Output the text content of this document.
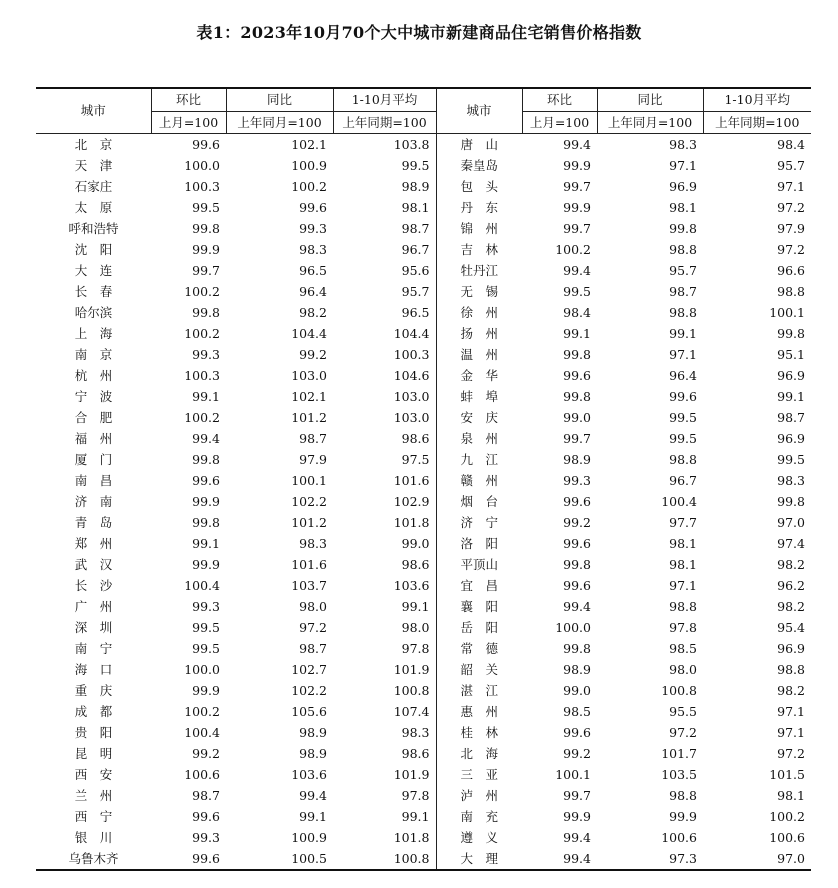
表1：2023年10月70个大中城市新建商品住宅销售价格指数
城市	环比	同比	1-10月平均	城市	环比	同比	1-10月平均
	上月=100	上年同月=100	上年同期=100		上月=100	上年同月=100	上年同期=100
北　京	99.6	102.1	103.8	唐　山	99.4	98.3	98.4
天　津	100.0	100.9	99.5	秦皇岛	99.9	97.1	95.7
石家庄	100.3	100.2	98.9	包　头	99.7	96.9	97.1
太　原	99.5	99.6	98.1	丹　东	99.9	98.1	97.2
呼和浩特	99.8	99.3	98.7	锦　州	99.7	99.8	97.9
沈　阳	99.9	98.3	96.7	吉　林	100.2	98.8	97.2
大　连	99.7	96.5	95.6	牡丹江	99.4	95.7	96.6
长　春	100.2	96.4	95.7	无　锡	99.5	98.7	98.8
哈尔滨	99.8	98.2	96.5	徐　州	98.4	98.8	100.1
上　海	100.2	104.4	104.4	扬　州	99.1	99.1	99.8
南　京	99.3	99.2	100.3	温　州	99.8	97.1	95.1
杭　州	100.3	103.0	104.6	金　华	99.6	96.4	96.9
宁　波	99.1	102.1	103.0	蚌　埠	99.8	99.6	99.1
合　肥	100.2	101.2	103.0	安　庆	99.0	99.5	98.7
福　州	99.4	98.7	98.6	泉　州	99.7	99.5	96.9
厦　门	99.8	97.9	97.5	九　江	98.9	98.8	99.5
南　昌	99.6	100.1	101.6	赣　州	99.3	96.7	98.3
济　南	99.9	102.2	102.9	烟　台	99.6	100.4	99.8
青　岛	99.8	101.2	101.8	济　宁	99.2	97.7	97.0
郑　州	99.1	98.3	99.0	洛　阳	99.6	98.1	97.4
武　汉	99.9	101.6	98.6	平顶山	99.8	98.1	98.2
长　沙	100.4	103.7	103.6	宜　昌	99.6	97.1	96.2
广　州	99.3	98.0	99.1	襄　阳	99.4	98.8	98.2
深　圳	99.5	97.2	98.0	岳　阳	100.0	97.8	95.4
南　宁	99.5	98.7	97.8	常　德	99.8	98.5	96.9
海　口	100.0	102.7	101.9	韶　关	98.9	98.0	98.8
重　庆	99.9	102.2	100.8	湛　江	99.0	100.8	98.2
成　都	100.2	105.6	107.4	惠　州	98.5	95.5	97.1
贵　阳	100.4	98.9	98.3	桂　林	99.6	97.2	97.1
昆　明	99.2	98.9	98.6	北　海	99.2	101.7	97.2
西　安	100.6	103.6	101.9	三　亚	100.1	103.5	101.5
兰　州	98.7	99.4	97.8	泸　州	99.7	98.8	98.1
西　宁	99.6	99.1	99.1	南　充	99.9	99.9	100.2
银　川	99.3	100.9	101.8	遵　义	99.4	100.6	100.6
乌鲁木齐	99.6	100.5	100.8	大　理	99.4	97.3	97.0
